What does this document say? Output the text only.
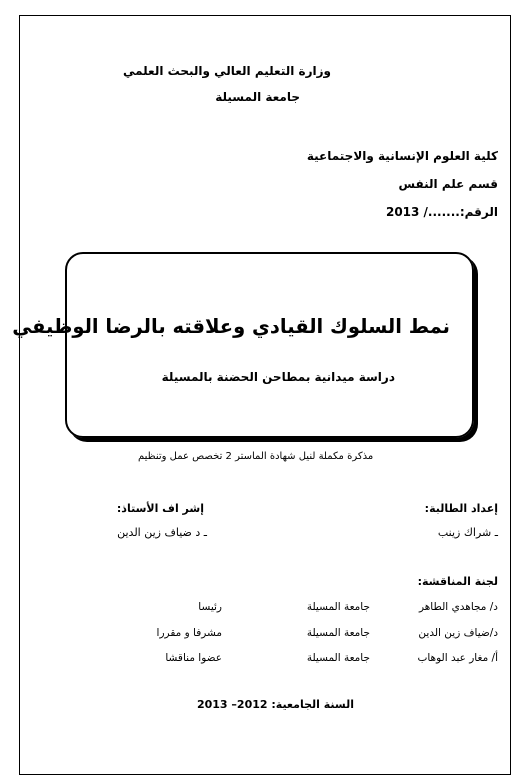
وزارة التعليم العالي والبحث العلمي
جامعة المسيلة
كلية العلوم الإنسانية والاجتماعية
قسم علم النفس
الرقم:......./ 2013
نمط السلوك القيادي وعلاقته بالرضا الوظيفي
دراسة ميدانية بمطاحن الحضنة بالمسيلة
مذكرة مكملة لنيل شهادة الماستر 2 تخصص عمل وتنظيم
إعداد الطالبة:
ـ شراك زينب
إشر اف الأستاذ:
ـ د ضياف زين الدين
لجنة المناقشة:
د/ مجاهدي الطاهر
جامعة المسيلة
رئيسا
د/ضياف زين الدين
جامعة المسيلة
مشرفا و مقررا
أ/ مغار عبد الوهاب
جامعة المسيلة
عضوا مناقشا
السنة الجامعية: 2012– 2013
